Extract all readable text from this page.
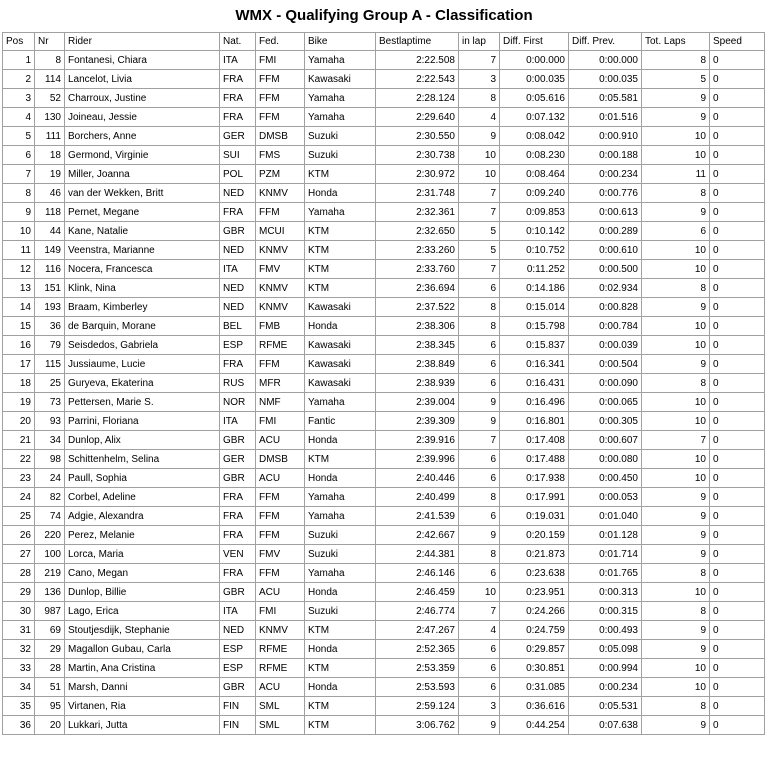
WMX - Qualifying Group A - Classification
Pos	Nr	Rider	Nat.	Fed.	Bike	Bestlaptime	in lap	Diff. First	Diff. Prev.	Tot. Laps	Speed
1	8	Fontanesi, Chiara	ITA	FMI	Yamaha	2:22.508	7	0:00.000	0:00.000	8	0
2	114	Lancelot, Livia	FRA	FFM	Kawasaki	2:22.543	3	0:00.035	0:00.035	5	0
3	52	Charroux, Justine	FRA	FFM	Yamaha	2:28.124	8	0:05.616	0:05.581	9	0
4	130	Joineau, Jessie	FRA	FFM	Yamaha	2:29.640	4	0:07.132	0:01.516	9	0
5	111	Borchers, Anne	GER	DMSB	Suzuki	2:30.550	9	0:08.042	0:00.910	10	0
6	18	Germond, Virginie	SUI	FMS	Suzuki	2:30.738	10	0:08.230	0:00.188	10	0
7	19	Miller, Joanna	POL	PZM	KTM	2:30.972	10	0:08.464	0:00.234	11	0
8	46	van der Wekken, Britt	NED	KNMV	Honda	2:31.748	7	0:09.240	0:00.776	8	0
9	118	Pernet, Megane	FRA	FFM	Yamaha	2:32.361	7	0:09.853	0:00.613	9	0
10	44	Kane, Natalie	GBR	MCUI	KTM	2:32.650	5	0:10.142	0:00.289	6	0
11	149	Veenstra, Marianne	NED	KNMV	KTM	2:33.260	5	0:10.752	0:00.610	10	0
12	116	Nocera, Francesca	ITA	FMV	KTM	2:33.760	7	0:11.252	0:00.500	10	0
13	151	Klink, Nina	NED	KNMV	KTM	2:36.694	6	0:14.186	0:02.934	8	0
14	193	Braam, Kimberley	NED	KNMV	Kawasaki	2:37.522	8	0:15.014	0:00.828	9	0
15	36	de Barquin, Morane	BEL	FMB	Honda	2:38.306	8	0:15.798	0:00.784	10	0
16	79	Seisdedos, Gabriela	ESP	RFME	Kawasaki	2:38.345	6	0:15.837	0:00.039	10	0
17	115	Jussiaume, Lucie	FRA	FFM	Kawasaki	2:38.849	6	0:16.341	0:00.504	9	0
18	25	Guryeva, Ekaterina	RUS	MFR	Kawasaki	2:38.939	6	0:16.431	0:00.090	8	0
19	73	Pettersen, Marie S.	NOR	NMF	Yamaha	2:39.004	9	0:16.496	0:00.065	10	0
20	93	Parrini, Floriana	ITA	FMI	Fantic	2:39.309	9	0:16.801	0:00.305	10	0
21	34	Dunlop, Alix	GBR	ACU	Honda	2:39.916	7	0:17.408	0:00.607	7	0
22	98	Schittenhelm, Selina	GER	DMSB	KTM	2:39.996	6	0:17.488	0:00.080	10	0
23	24	Paull, Sophia	GBR	ACU	Honda	2:40.446	6	0:17.938	0:00.450	10	0
24	82	Corbel, Adeline	FRA	FFM	Yamaha	2:40.499	8	0:17.991	0:00.053	9	0
25	74	Adgie, Alexandra	FRA	FFM	Yamaha	2:41.539	6	0:19.031	0:01.040	9	0
26	220	Perez, Melanie	FRA	FFM	Suzuki	2:42.667	9	0:20.159	0:01.128	9	0
27	100	Lorca, Maria	VEN	FMV	Suzuki	2:44.381	8	0:21.873	0:01.714	9	0
28	219	Cano, Megan	FRA	FFM	Yamaha	2:46.146	6	0:23.638	0:01.765	8	0
29	136	Dunlop, Billie	GBR	ACU	Honda	2:46.459	10	0:23.951	0:00.313	10	0
30	987	Lago, Erica	ITA	FMI	Suzuki	2:46.774	7	0:24.266	0:00.315	8	0
31	69	Stoutjesdijk, Stephanie	NED	KNMV	KTM	2:47.267	4	0:24.759	0:00.493	9	0
32	29	Magallon Gubau, Carla	ESP	RFME	Honda	2:52.365	6	0:29.857	0:05.098	9	0
33	28	Martin, Ana Cristina	ESP	RFME	KTM	2:53.359	6	0:30.851	0:00.994	10	0
34	51	Marsh, Danni	GBR	ACU	Honda	2:53.593	6	0:31.085	0:00.234	10	0
35	95	Virtanen, Ria	FIN	SML	KTM	2:59.124	3	0:36.616	0:05.531	8	0
36	20	Lukkari, Jutta	FIN	SML	KTM	3:06.762	9	0:44.254	0:07.638	9	0
